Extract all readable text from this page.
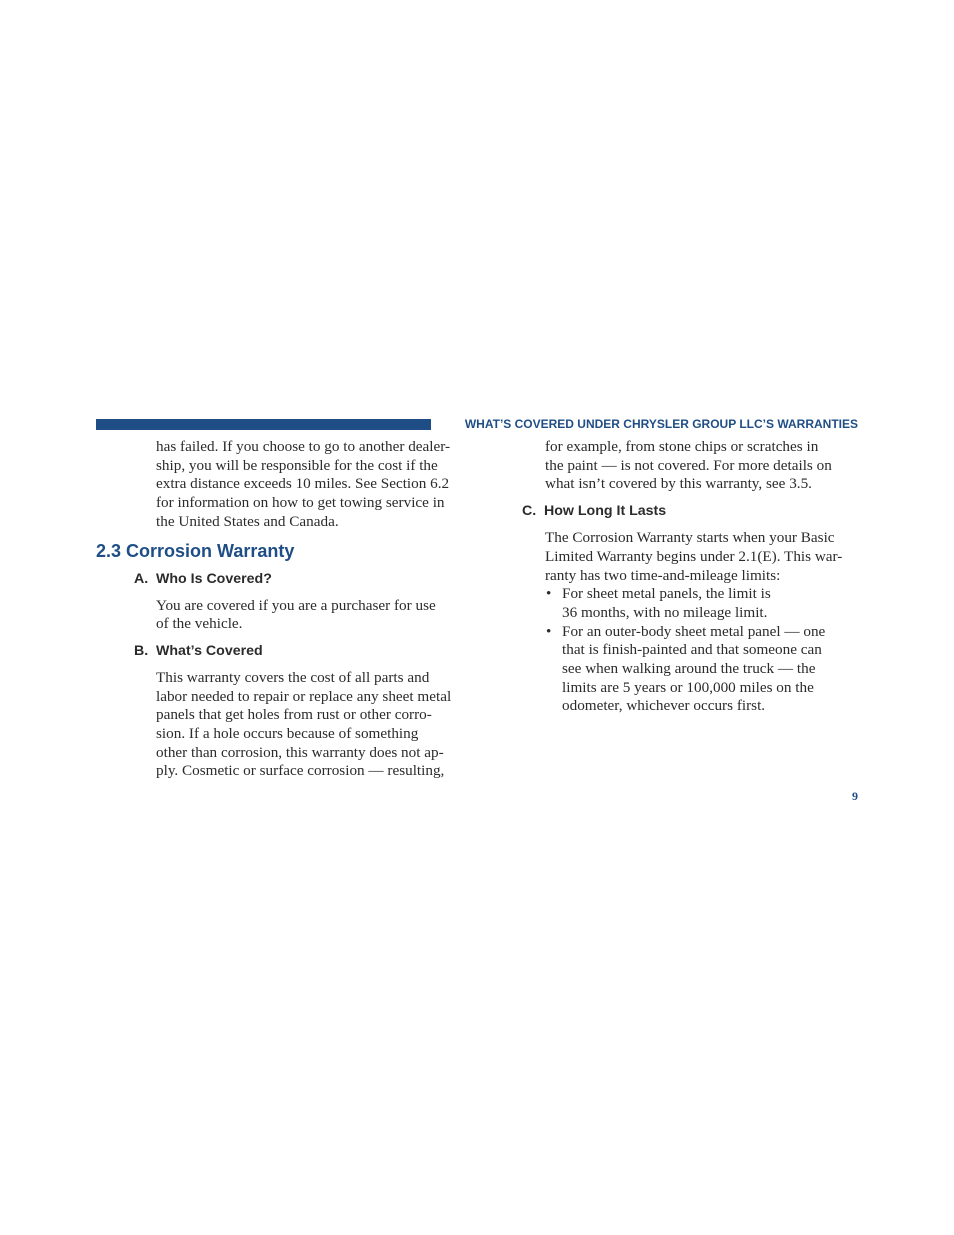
WHAT’S COVERED UNDER CHRYSLER GROUP LLC’S WARRANTIES

has failed. If you choose to go to another dealer-

ship, you will be responsible for the cost if the

extra distance exceeds 10 miles. See Section 6.2

for information on how to get towing service in

the United States and Canada.

2.3 Corrosion Warranty
A. Who Is Covered?

You are covered if you are a purchaser for use

of the vehicle.

B. What’s Covered

This warranty covers the cost of all parts and

labor needed to repair or replace any sheet metal

panels that get holes from rust or other corro-

sion. If a hole occurs because of something

other than corrosion, this warranty does not ap-

ply. Cosmetic or surface corrosion — resulting,

for example, from stone chips or scratches in

the paint — is not covered. For more details on

what isn’t covered by this warranty, see 3.5.

C. How Long It Lasts

The Corrosion Warranty starts when your Basic

Limited Warranty begins under 2.1(E). This war-

ranty has two time-and-mileage limits:

• For sheet metal panels, the limit is
36 months, with no mileage limit.
• For an outer-body sheet metal panel — one
that is finish-painted and that someone can
see when walking around the truck — the
limits are 5 years or 100,000 miles on the
odometer, whichever occurs first.
9
